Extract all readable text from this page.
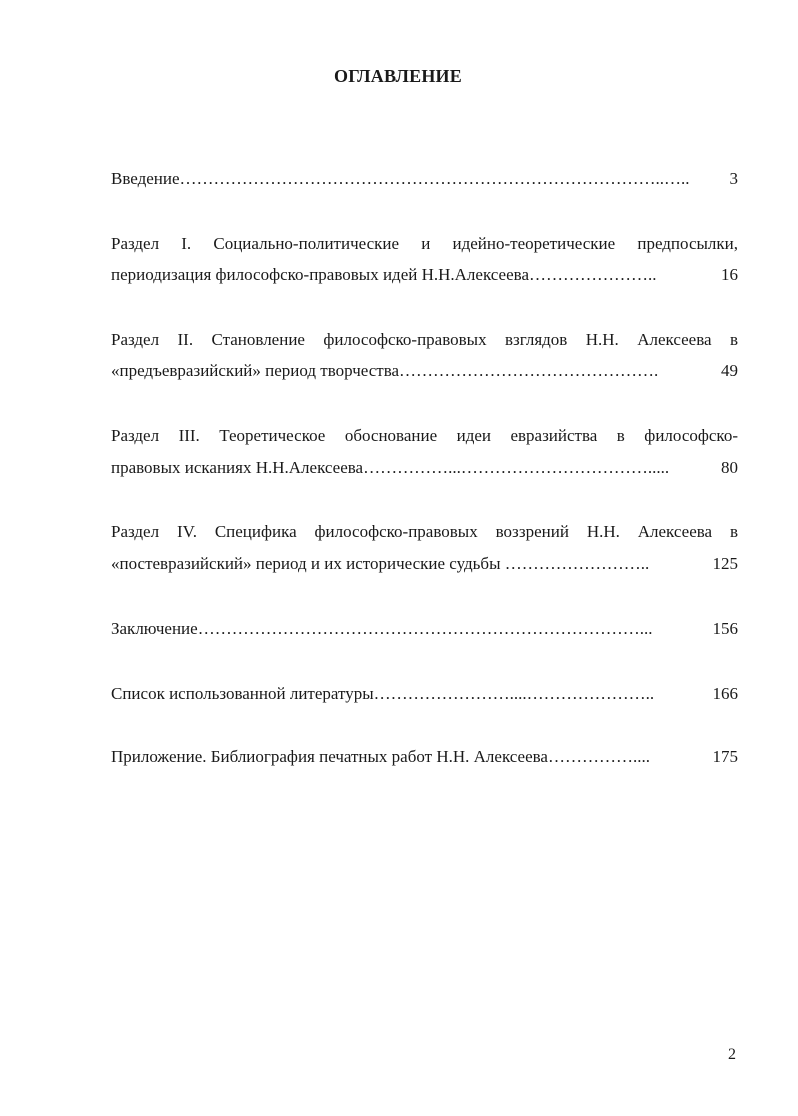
ОГЛАВЛЕНИЕ
Введение …………………………………………………………………………..…..	3
Раздел I. Социально-политические и идейно-теоретические предпосылки,
периодизация философско-правовых идей Н.Н.Алексеева …………………..	16
Раздел II. Становление философско-правовых взглядов Н.Н. Алексеева в
«предъевразийский» период творчества ……………………………………….	49
Раздел III. Теоретическое обоснование идеи евразийства в философско-
правовых исканиях Н.Н.Алексеева ……………...…………………………….....	80
Раздел IV. Специфика философско-правовых воззрений Н.Н. Алексеева в
«постевразийский» период и их исторические судьбы ……………………..	125
Заключение ……………………………………………………………………...	156
Список использованной литературы ……………………....…………………..	166
Приложение. Библиография печатных работ Н.Н. Алексеева ……………....	175
2
